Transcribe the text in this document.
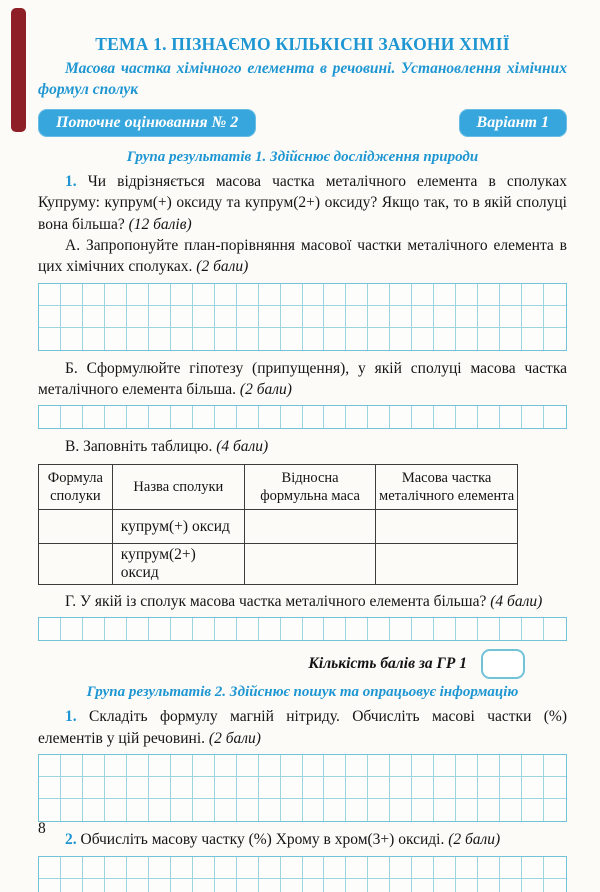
ТЕМА 1. ПІЗНАЄМО КІЛЬКІСНІ ЗАКОНИ ХІМІЇ

Масова частка хімічного елемента в речовині. Установлення хімічних формул сполук

Поточне оцінювання № 2	Варіант 1
Група результатів 1. Здійснює дослідження природи

1. Чи відрізняється масова частка металічного елемента в сполуках Купруму: купрум(+) оксиду та купрум(2+) оксиду? Якщо так, то в якій сполуці вона більша? (12 балів)

А. Запропонуйте план-порівняння масової частки металічного елемента в цих хімічних сполуках. (2 бали)

Б. Сформулюйте гіпотезу (припущення), у якій сполуці масова частка металічного елемента більша. (2 бали)

В. Заповніть таблицю. (4 бали)

Формула сполуки	Назва сполуки	Відносна формульна маса	Масова частка металічного елемента
	купрум(+) оксид		
	купрум(2+) оксид		

Г. У якій із сполук масова частка металічного елемента більша? (4 бали)

Кількість балів за ГР 1
Група результатів 2. Здійснює пошук та опрацьовує інформацію

1. Складіть формулу магній нітриду. Обчисліть масові частки (%) елементів у цій речовині. (2 бали)

2. Обчисліть масову частку (%) Хрому в хром(3+) оксиді. (2 бали)

8
